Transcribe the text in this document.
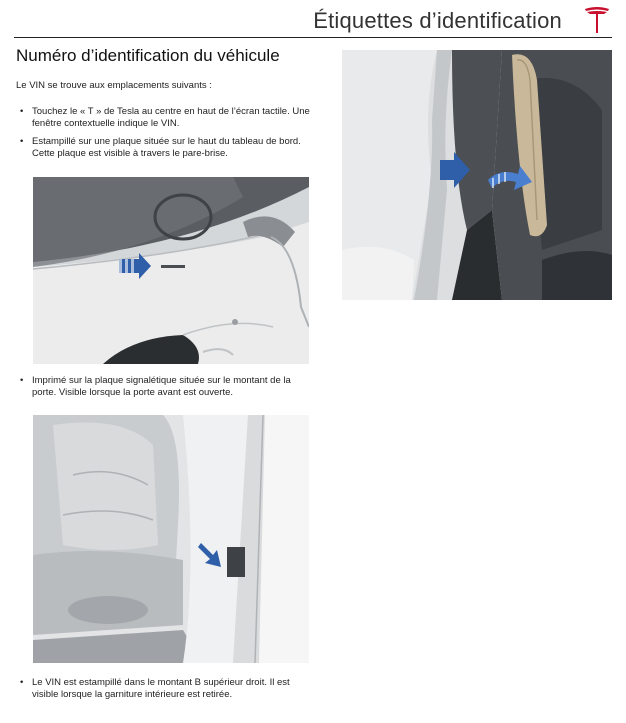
Étiquettes d’identification
Numéro d’identification du véhicule
Le VIN se trouve aux emplacements suivants :
• Touchez le « T » de Tesla au centre en haut de l’écran tactile. Une fenêtre contextuelle indique le VIN.
• Estampillé sur une plaque située sur le haut du tableau de bord. Cette plaque est visible à travers le pare-brise.
• Imprimé sur la plaque signalétique située sur le montant de la porte. Visible lorsque la porte avant est ouverte.
• Le VIN est estampillé dans le montant B supérieur droit. Il est visible lorsque la garniture intérieure est retirée.
